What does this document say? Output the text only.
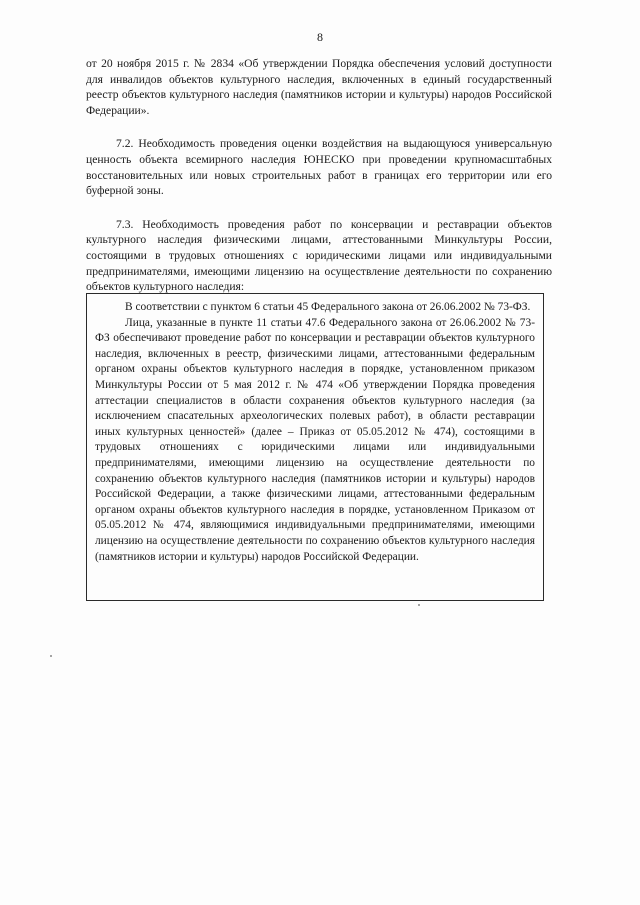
8

от 20 ноября 2015 г. № 2834 «Об утверждении Порядка обеспечения условий доступности для инвалидов объектов культурного наследия, включенных в единый государственный реестр объектов культурного наследия (памятников истории и культуры) народов Российской Федерации».

7.2. Необходимость проведения оценки воздействия на выдающуюся универсальную ценность объекта всемирного наследия ЮНЕСКО при проведении крупномасштабных восстановительных или новых строительных работ в границах его территории или его буферной зоны.

7.3. Необходимость проведения работ по консервации и реставрации объектов культурного наследия физическими лицами, аттестованными Минкультуры России, состоящими в трудовых отношениях с юридическими лицами или индивидуальными предпринимателями, имеющими лицензию на осуществление деятельности по сохранению объектов культурного наследия:

В соответствии с пунктом 6 статьи 45 Федерального закона от 26.06.2002 № 73-ФЗ.

Лица, указанные в пункте 11 статьи 47.6 Федерального закона от 26.06.2002 № 73-ФЗ обеспечивают проведение работ по консервации и реставрации объектов культурного наследия, включенных в реестр, физическими лицами, аттестованными федеральным органом охраны объектов культурного наследия в порядке, установленном приказом Минкультуры России от 5 мая 2012 г. № 474 «Об утверждении Порядка проведения аттестации специалистов в области сохранения объектов культурного наследия (за исключением спасательных археологических полевых работ), в области реставрации иных культурных ценностей» (далее – Приказ от 05.05.2012 № 474), состоящими в трудовых отношениях с юридическими лицами или индивидуальными предпринимателями, имеющими лицензию на осуществление деятельности по сохранению объектов культурного наследия (памятников истории и культуры) народов Российской Федерации, а также физическими лицами, аттестованными федеральным органом охраны объектов культурного наследия в порядке, установленном Приказом от 05.05.2012 № 474, являющимися индивидуальными предпринимателями, имеющими лицензию на осуществление деятельности по сохранению объектов культурного наследия (памятников истории и культуры) народов Российской Федерации.
